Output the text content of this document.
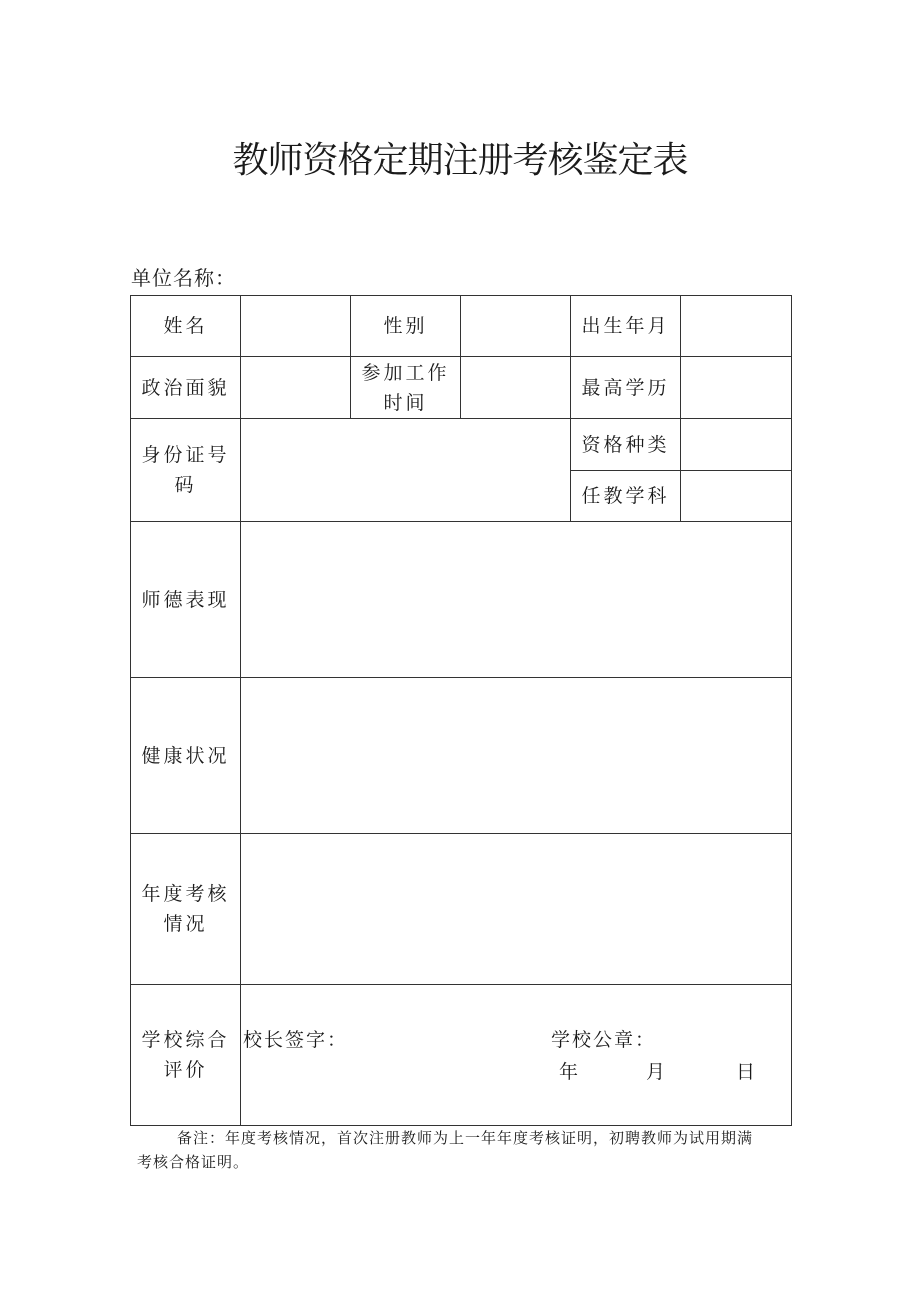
教师资格定期注册考核鉴定表
单位名称：
姓名		性别		出生年月	
政治面貌		参加工作时间		最高学历	
身份证号码				资格种类	
				任教学科	
师德表现					
健康状况					
年度考核情况					
学校综合评价	校长签字： 学校公章：
年 月 日				

备注：年度考核情况，首次注册教师为上一年年度考核证明，初聘教师为试用期满考核合格证明。
